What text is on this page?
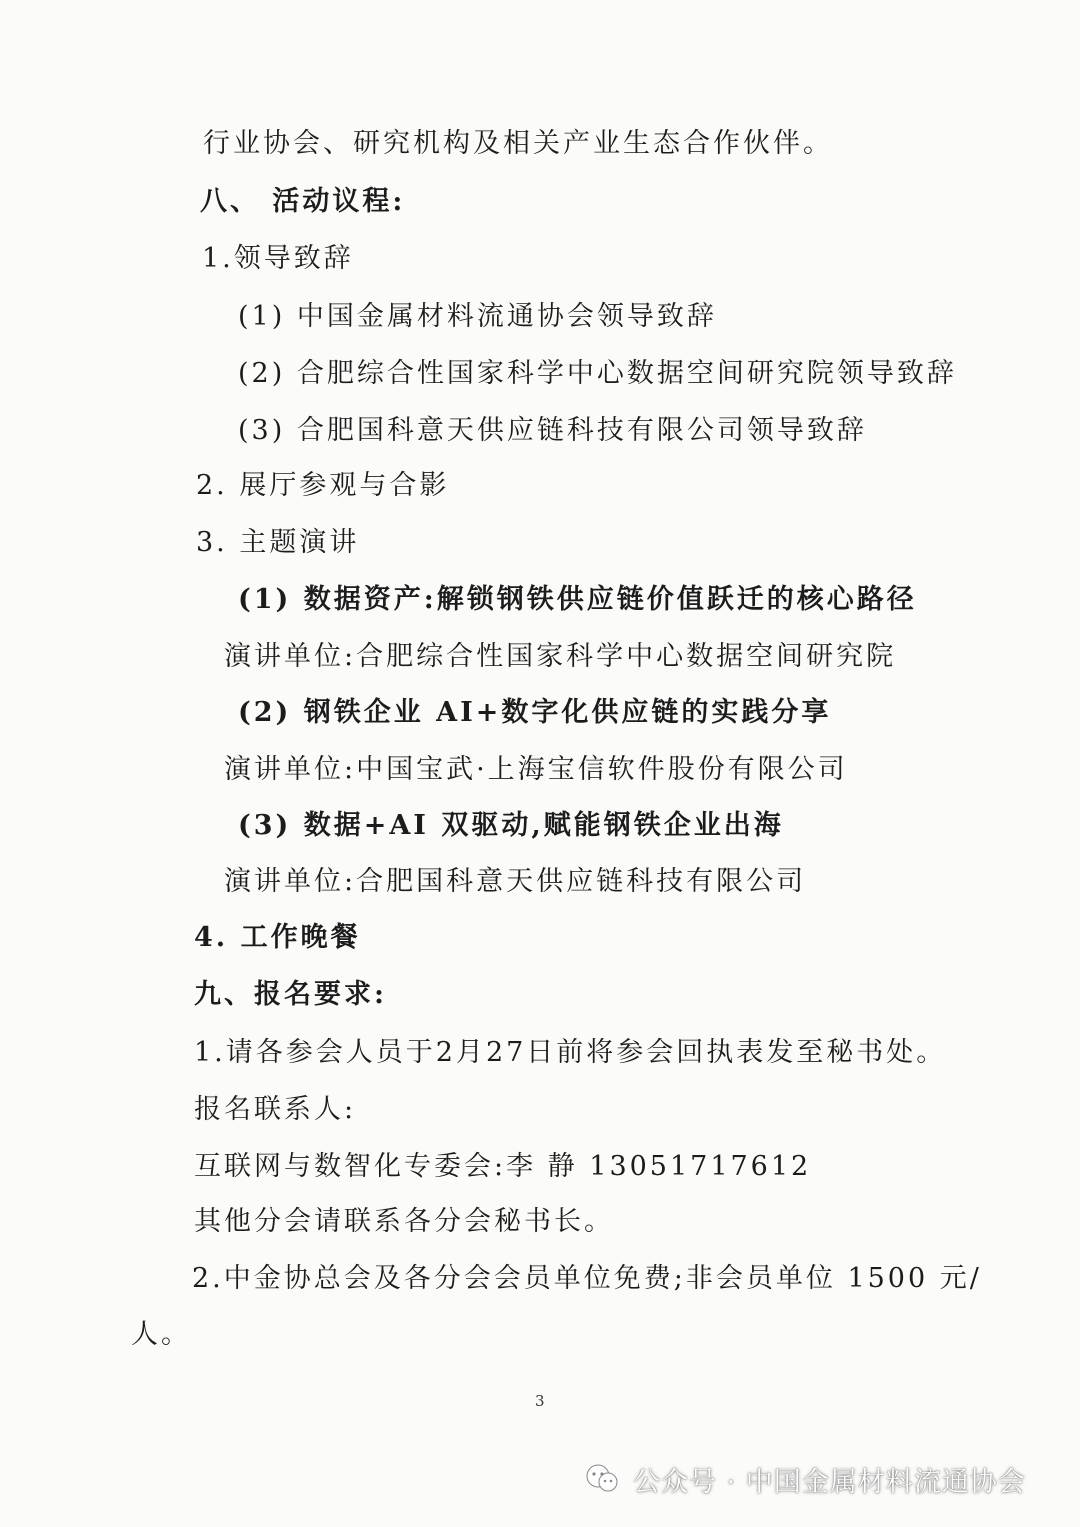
行业协会、研究机构及相关产业生态合作伙伴。
八、 活动议程:
1.领导致辞
(1) 中国金属材料流通协会领导致辞
(2) 合肥综合性国家科学中心数据空间研究院领导致辞
(3) 合肥国科意天供应链科技有限公司领导致辞
2. 展厅参观与合影
3. 主题演讲
(1) 数据资产:解锁钢铁供应链价值跃迁的核心路径
演讲单位:合肥综合性国家科学中心数据空间研究院
(2) 钢铁企业 AI+数字化供应链的实践分享
演讲单位:中国宝武·上海宝信软件股份有限公司
(3) 数据+AI 双驱动,赋能钢铁企业出海
演讲单位:合肥国科意天供应链科技有限公司
4. 工作晚餐
九、报名要求:
1.请各参会人员于2月27日前将参会回执表发至秘书处。
报名联系人:
互联网与数智化专委会:李 静 13051717612
其他分会请联系各分会秘书长。
2.中金协总会及各分会会员单位免费;非会员单位 1500 元/
人。
3
公众号 · 中国金属材料流通协会
